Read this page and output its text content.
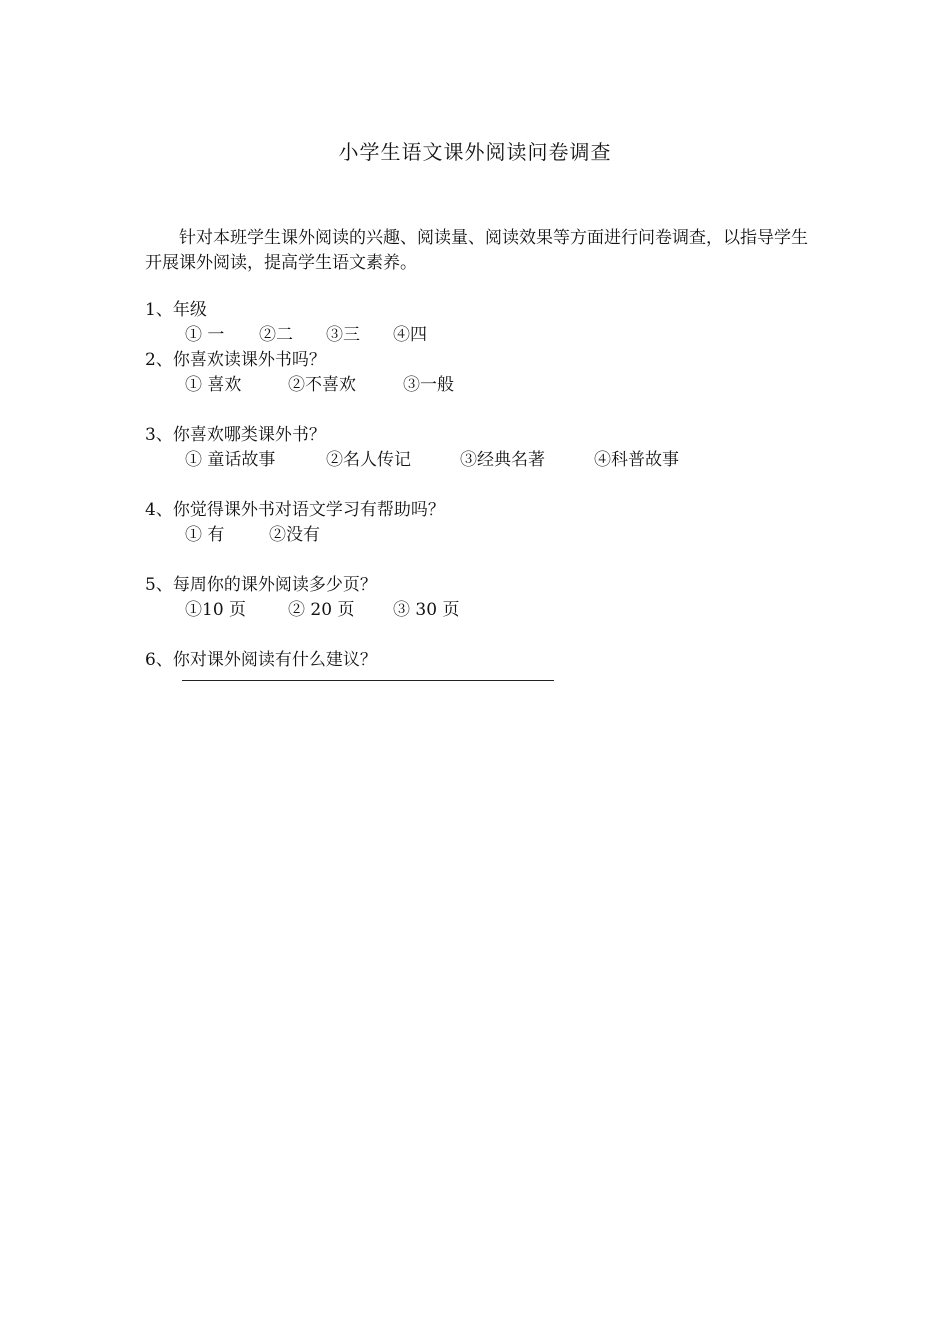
小学生语文课外阅读问卷调查
针对本班学生课外阅读的兴趣、阅读量、阅读效果等方面进行问卷调查，以指导学生开展课外阅读，提高学生语文素养。
1、年级
① 一 ②二 ③三 ④四
2、你喜欢读课外书吗？
① 喜欢	②不喜欢	③一般
3、你喜欢哪类课外书？
① 童话故事	②名人传记	③经典名著	④科普故事
4、你觉得课外书对语文学习有帮助吗？
① 有	②没有
5、每周你的课外阅读多少页？
①10 页 ② 20 页 ③ 30 页
6、你对课外阅读有什么建议？
